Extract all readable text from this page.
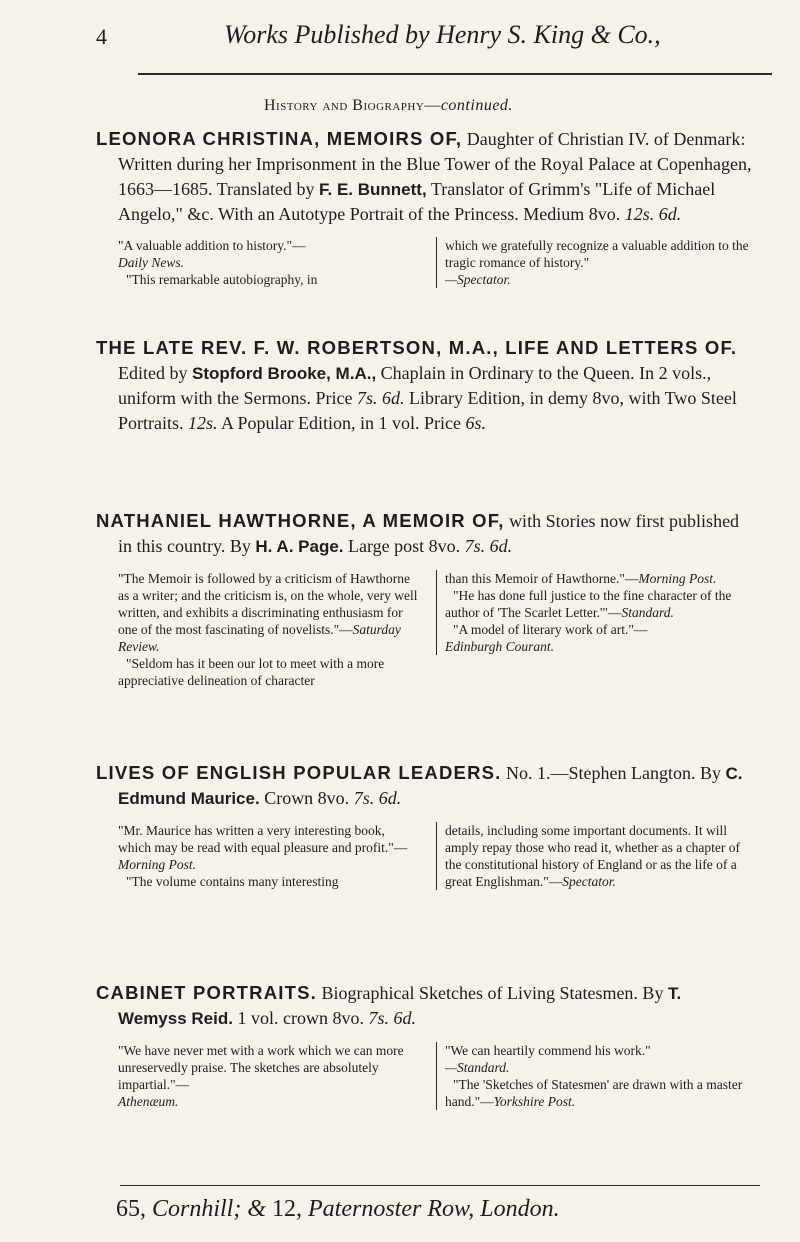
4	Works Published by Henry S. King & Co.,
History and Biography—continued.
LEONORA CHRISTINA, MEMOIRS OF, Daughter of Christian IV. of Denmark: Written during her Imprisonment in the Blue Tower of the Royal Palace at Copenhagen, 1663—1685. Translated by F. E. Bunnett, Translator of Grimm's "Life of Michael Angelo," &c. With an Autotype Portrait of the Princess. Medium 8vo. 12s. 6d.

"A valuable addition to history."—
Daily News.

"This remarkable autobiography, in

which we gratefully recognize a valuable addition to the tragic romance of history."
—Spectator.

THE LATE REV. F. W. ROBERTSON, M.A., LIFE AND LETTERS OF. Edited by Stopford Brooke, M.A., Chaplain in Ordinary to the Queen. In 2 vols., uniform with the Sermons. Price 7s. 6d. Library Edition, in demy 8vo, with Two Steel Portraits. 12s. A Popular Edition, in 1 vol. Price 6s.
NATHANIEL HAWTHORNE, A MEMOIR OF, with Stories now first published in this country. By H. A. Page. Large post 8vo. 7s. 6d.

"The Memoir is followed by a criticism of Hawthorne as a writer; and the criticism is, on the whole, very well written, and exhibits a discriminating enthusiasm for one of the most fascinating of novelists."—Saturday Review.

"Seldom has it been our lot to meet with a more appreciative delineation of character

than this Memoir of Hawthorne."—Morning Post.

"He has done full justice to the fine character of the author of 'The Scarlet Letter.'"—Standard.

"A model of literary work of art."—
Edinburgh Courant.

LIVES OF ENGLISH POPULAR LEADERS. No. 1.—Stephen Langton. By C. Edmund Maurice. Crown 8vo. 7s. 6d.

"Mr. Maurice has written a very interesting book, which may be read with equal pleasure and profit."—Morning Post.

"The volume contains many interesting

details, including some important documents. It will amply repay those who read it, whether as a chapter of the constitutional history of England or as the life of a great Englishman."—Spectator.

CABINET PORTRAITS. Biographical Sketches of Living Statesmen. By T. Wemyss Reid. 1 vol. crown 8vo. 7s. 6d.

"We have never met with a work which we can more unreservedly praise. The sketches are absolutely impartial."—
Athenæum.

"We can heartily commend his work."
—Standard.

"The 'Sketches of Statesmen' are drawn with a master hand."—Yorkshire Post.

65, Cornhill; & 12, Paternoster Row, London.
